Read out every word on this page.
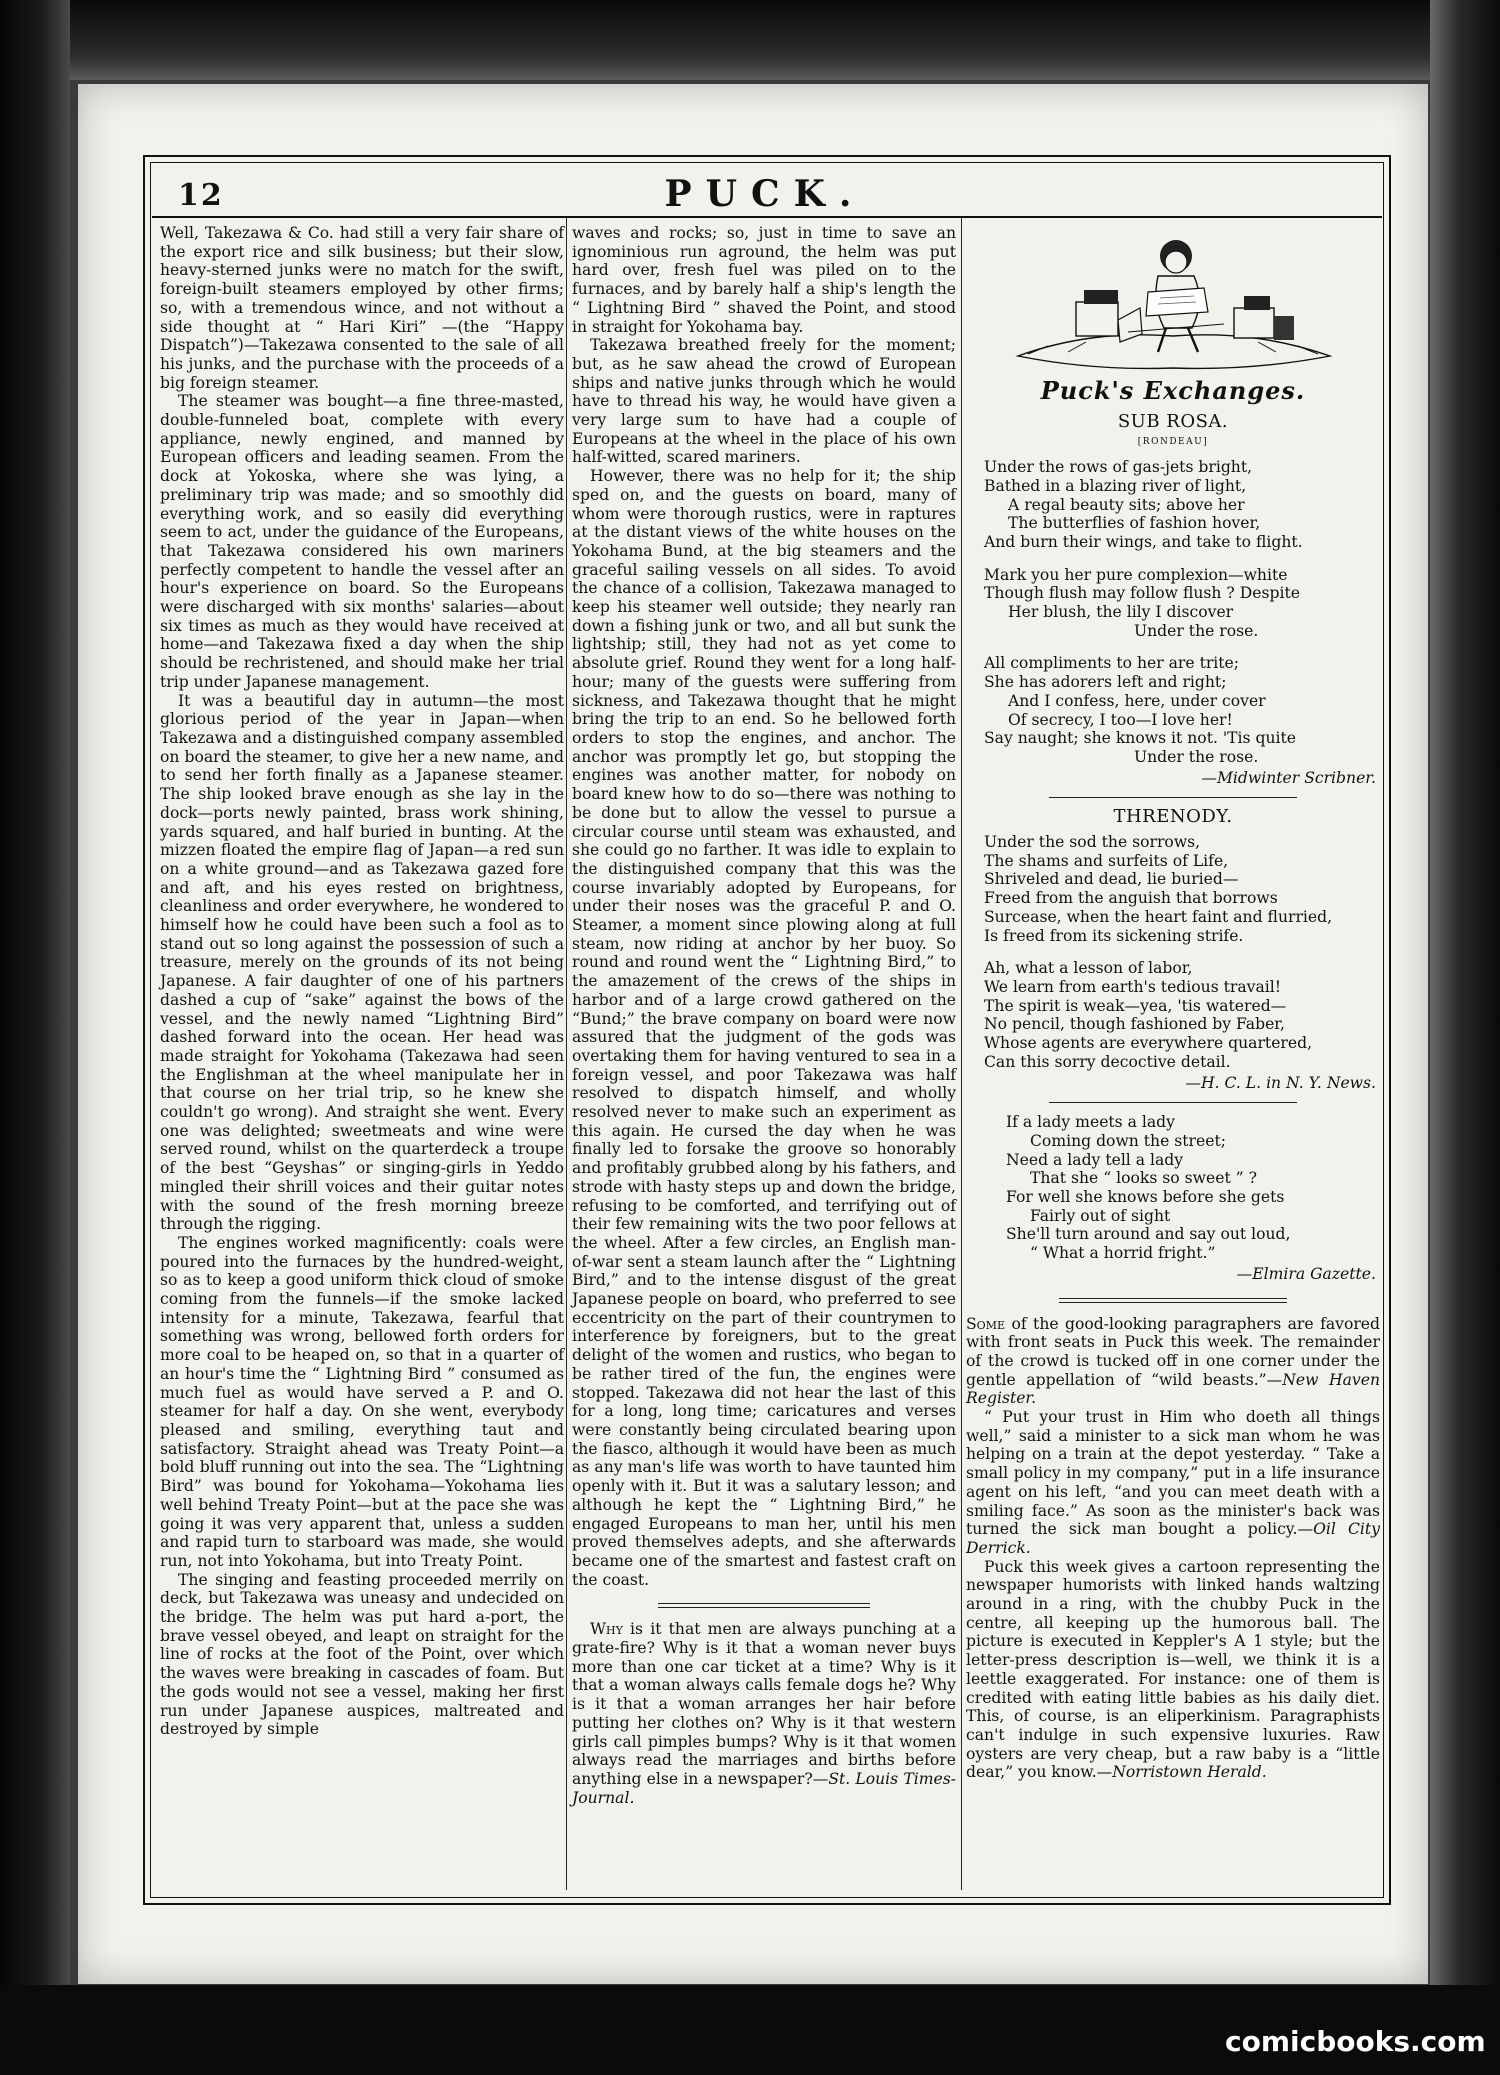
12	PUCK.

Well, Takezawa & Co. had still a very fair share of the export rice and silk business; but their slow, heavy-sterned junks were no match for the swift, foreign-built steamers employed by other firms; so, with a tremendous wince, and not without a side thought at “ Hari Kiri” —(the “Happy Dispatch”)—Takezawa consented to the sale of all his junks, and the purchase with the proceeds of a big foreign steamer.

The steamer was bought—a fine three-masted, double-funneled boat, complete with every appliance, newly engined, and manned by European officers and leading seamen. From the dock at Yokoska, where she was lying, a preliminary trip was made; and so smoothly did everything work, and so easily did everything seem to act, under the guidance of the Europeans, that Takezawa considered his own mariners perfectly competent to handle the vessel after an hour's experience on board. So the Europeans were discharged with six months' salaries—about six times as much as they would have received at home—and Takezawa fixed a day when the ship should be rechristened, and should make her trial trip under Japanese management.

It was a beautiful day in autumn—the most glorious period of the year in Japan—when Takezawa and a distinguished company assembled on board the steamer, to give her a new name, and to send her forth finally as a Japanese steamer. The ship looked brave enough as she lay in the dock—ports newly painted, brass work shining, yards squared, and half buried in bunting. At the mizzen floated the empire flag of Japan—a red sun on a white ground—and as Takezawa gazed fore and aft, and his eyes rested on brightness, cleanliness and order everywhere, he wondered to himself how he could have been such a fool as to stand out so long against the possession of such a treasure, merely on the grounds of its not being Japanese. A fair daughter of one of his partners dashed a cup of “sake” against the bows of the vessel, and the newly named “Lightning Bird” dashed forward into the ocean. Her head was made straight for Yokohama (Takezawa had seen the Englishman at the wheel manipulate her in that course on her trial trip, so he knew she couldn't go wrong). And straight she went. Every one was delighted; sweetmeats and wine were served round, whilst on the quarterdeck a troupe of the best “Geyshas” or singing-girls in Yeddo mingled their shrill voices and their guitar notes with the sound of the fresh morning breeze through the rigging.

The engines worked magnificently: coals were poured into the furnaces by the hundred-weight, so as to keep a good uniform thick cloud of smoke coming from the funnels—if the smoke lacked intensity for a minute, Takezawa, fearful that something was wrong, bellowed forth orders for more coal to be heaped on, so that in a quarter of an hour's time the “ Lightning Bird ” consumed as much fuel as would have served a P. and O. steamer for half a day. On she went, everybody pleased and smiling, everything taut and satisfactory. Straight ahead was Treaty Point—a bold bluff running out into the sea. The “Lightning Bird” was bound for Yokohama—Yokohama lies well behind Treaty Point—but at the pace she was going it was very apparent that, unless a sudden and rapid turn to starboard was made, she would run, not into Yokohama, but into Treaty Point.

The singing and feasting proceeded merrily on deck, but Takezawa was uneasy and undecided on the bridge. The helm was put hard a-port, the brave vessel obeyed, and leapt on straight for the line of rocks at the foot of the Point, over which the waves were breaking in cascades of foam. But the gods would not see a vessel, making her first run under Japanese auspices, maltreated and destroyed by simple

waves and rocks; so, just in time to save an ignominious run aground, the helm was put hard over, fresh fuel was piled on to the furnaces, and by barely half a ship's length the “ Lightning Bird ” shaved the Point, and stood in straight for Yokohama bay.

Takezawa breathed freely for the moment; but, as he saw ahead the crowd of European ships and native junks through which he would have to thread his way, he would have given a very large sum to have had a couple of Europeans at the wheel in the place of his own half-witted, scared mariners.

However, there was no help for it; the ship sped on, and the guests on board, many of whom were thorough rustics, were in raptures at the distant views of the white houses on the Yokohama Bund, at the big steamers and the graceful sailing vessels on all sides. To avoid the chance of a collision, Takezawa managed to keep his steamer well outside; they nearly ran down a fishing junk or two, and all but sunk the lightship; still, they had not as yet come to absolute grief. Round they went for a long half-hour; many of the guests were suffering from sickness, and Takezawa thought that he might bring the trip to an end. So he bellowed forth orders to stop the engines, and anchor. The anchor was promptly let go, but stopping the engines was another matter, for nobody on board knew how to do so—there was nothing to be done but to allow the vessel to pursue a circular course until steam was exhausted, and she could go no farther. It was idle to explain to the distinguished company that this was the course invariably adopted by Europeans, for under their noses was the graceful P. and O. Steamer, a moment since plowing along at full steam, now riding at anchor by her buoy. So round and round went the “ Lightning Bird,” to the amazement of the crews of the ships in harbor and of a large crowd gathered on the “Bund;” the brave company on board were now assured that the judgment of the gods was overtaking them for having ventured to sea in a foreign vessel, and poor Takezawa was half resolved to dispatch himself, and wholly resolved never to make such an experiment as this again. He cursed the day when he was finally led to forsake the groove so honorably and profitably grubbed along by his fathers, and strode with hasty steps up and down the bridge, refusing to be comforted, and terrifying out of their few remaining wits the two poor fellows at the wheel. After a few circles, an English man-of-war sent a steam launch after the “ Lightning Bird,” and to the intense disgust of the great Japanese people on board, who preferred to see eccentricity on the part of their countrymen to interference by foreigners, but to the great delight of the women and rustics, who began to be rather tired of the fun, the engines were stopped. Takezawa did not hear the last of this for a long, long time; caricatures and verses were constantly being circulated bearing upon the fiasco, although it would have been as much as any man's life was worth to have taunted him openly with it. But it was a salutary lesson; and although he kept the “ Lightning Bird,” he engaged Europeans to man her, until his men proved themselves adepts, and she afterwards became one of the smartest and fastest craft on the coast.

Why is it that men are always punching at a grate-fire? Why is it that a woman never buys more than one car ticket at a time? Why is it that a woman always calls female dogs he? Why is it that a woman arranges her hair before putting her clothes on? Why is it that western girls call pimples bumps? Why is it that women always read the marriages and births before anything else in a newspaper?—St. Louis Times-Journal.

Puck's Exchanges.
SUB ROSA.
[RONDEAU]
Under the rows of gas-jets bright,
Bathed in a blazing river of light,
A regal beauty sits; above her
The butterflies of fashion hover,
And burn their wings, and take to flight.
Mark you her pure complexion—white
Though flush may follow flush ? Despite
Her blush, the lily I discover
Under the rose.
All compliments to her are trite;
She has adorers left and right;
And I confess, here, under cover
Of secrecy, I too—I love her!
Say naught; she knows it not. 'Tis quite
Under the rose.
—Midwinter Scribner.
THRENODY.
Under the sod the sorrows,
The shams and surfeits of Life,
Shriveled and dead, lie buried—
Freed from the anguish that borrows
Surcease, when the heart faint and flurried,
Is freed from its sickening strife.
Ah, what a lesson of labor,
We learn from earth's tedious travail!
The spirit is weak—yea, 'tis watered—
No pencil, though fashioned by Faber,
Whose agents are everywhere quartered,
Can this sorry decoctive detail.
—H. C. L. in N. Y. News.
If a lady meets a lady
Coming down the street;
Need a lady tell a lady
That she “ looks so sweet ” ?
For well she knows before she gets
Fairly out of sight
She'll turn around and say out loud,
“ What a horrid fright.”
—Elmira Gazette.

Some of the good-looking paragraphers are favored with front seats in Puck this week. The remainder of the crowd is tucked off in one corner under the gentle appellation of “wild beasts.”—New Haven Register.

“ Put your trust in Him who doeth all things well,” said a minister to a sick man whom he was helping on a train at the depot yesterday. “ Take a small policy in my company,” put in a life insurance agent on his left, “and you can meet death with a smiling face.” As soon as the minister's back was turned the sick man bought a policy.—Oil City Derrick.

Puck this week gives a cartoon representing the newspaper humorists with linked hands waltzing around in a ring, with the chubby Puck in the centre, all keeping up the humorous ball. The picture is executed in Keppler's A 1 style; but the letter-press description is—well, we think it is a leettle exaggerated. For instance: one of them is credited with eating little babies as his daily diet. This, of course, is an eliperkinism. Paragraphists can't indulge in such expensive luxuries. Raw oysters are very cheap, but a raw baby is a “little dear,” you know.—Norristown Herald.

comicbooks.com
